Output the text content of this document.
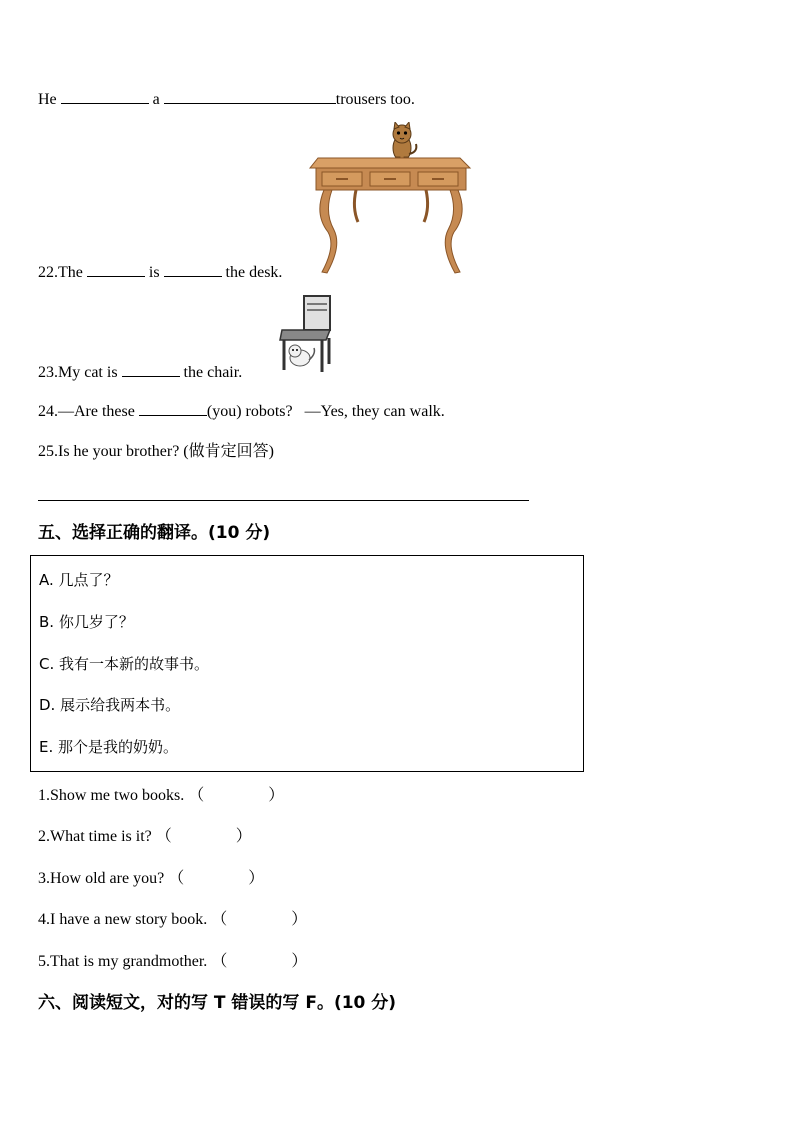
He	a	trousers too.
22.The	is	the desk.
23.My cat is	the chair.
24.—Are these	(you) robots? —Yes, they can walk.
25.Is he your brother? (做肯定回答)
五、选择正确的翻译。(10 分)
A. 几点了？
B. 你几岁了？
C. 我有一本新的故事书。
D. 展示给我两本书。
E. 那个是我的奶奶。
1.Show me two books. （　　　　）
2.What time is it? （　　　　）
3.How old are you? （　　　　）
4.I have a new story book. （　　　　）
5.That is my grandmother. （　　　　）
六、阅读短文，对的写 T 错误的写 F。(10 分)
